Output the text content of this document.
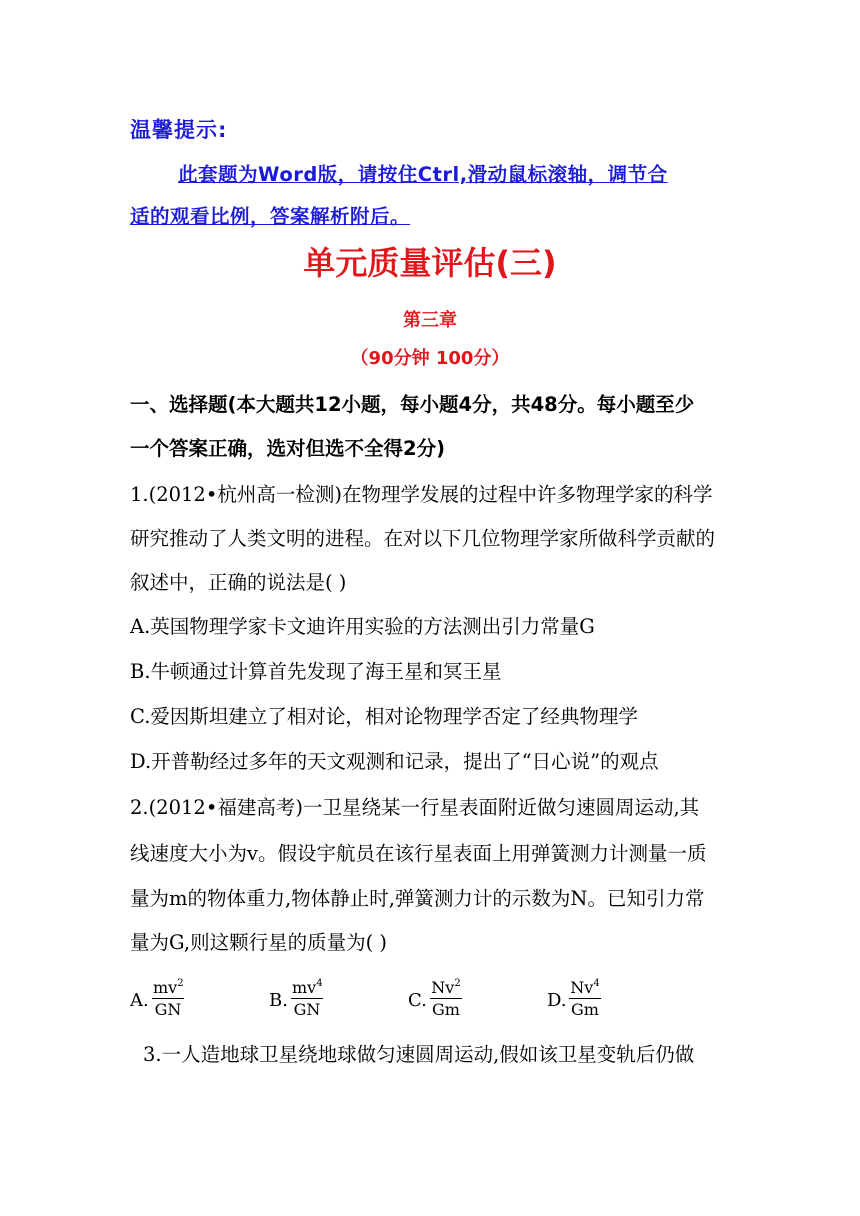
温馨提示:
此套题为Word版，请按住Ctrl,滑动鼠标滚轴，调节合
适的观看比例，答案解析附后。
单元质量评估(三)
第三章
（90分钟 100分）
一、选择题(本大题共12小题，每小题4分，共48分。每小题至少
一个答案正确，选对但选不全得2分)
1.(2012•杭州高一检测)在物理学发展的过程中许多物理学家的科学
研究推动了人类文明的进程。在对以下几位物理学家所做科学贡献的
叙述中，正确的说法是( )
A.英国物理学家卡文迪许用实验的方法测出引力常量G
B.牛顿通过计算首先发现了海王星和冥王星
C.爱因斯坦建立了相对论，相对论物理学否定了经典物理学
D.开普勒经过多年的天文观测和记录，提出了“日心说”的观点
2.(2012•福建高考)一卫星绕某一行星表面附近做匀速圆周运动,其
线速度大小为v。假设宇航员在该行星表面上用弹簧测力计测量一质
量为m的物体重力,物体静止时,弹簧测力计的示数为N。已知引力常
量为G,则这颗行星的质量为( )
A. $\frac{mv^2}{GN}$	B. $\frac{mv^4}{GN}$	C. $\frac{Nv^2}{Gm}$	D. $\frac{Nv^4}{Gm}$
3.一人造地球卫星绕地球做匀速圆周运动,假如该卫星变轨后仍做
